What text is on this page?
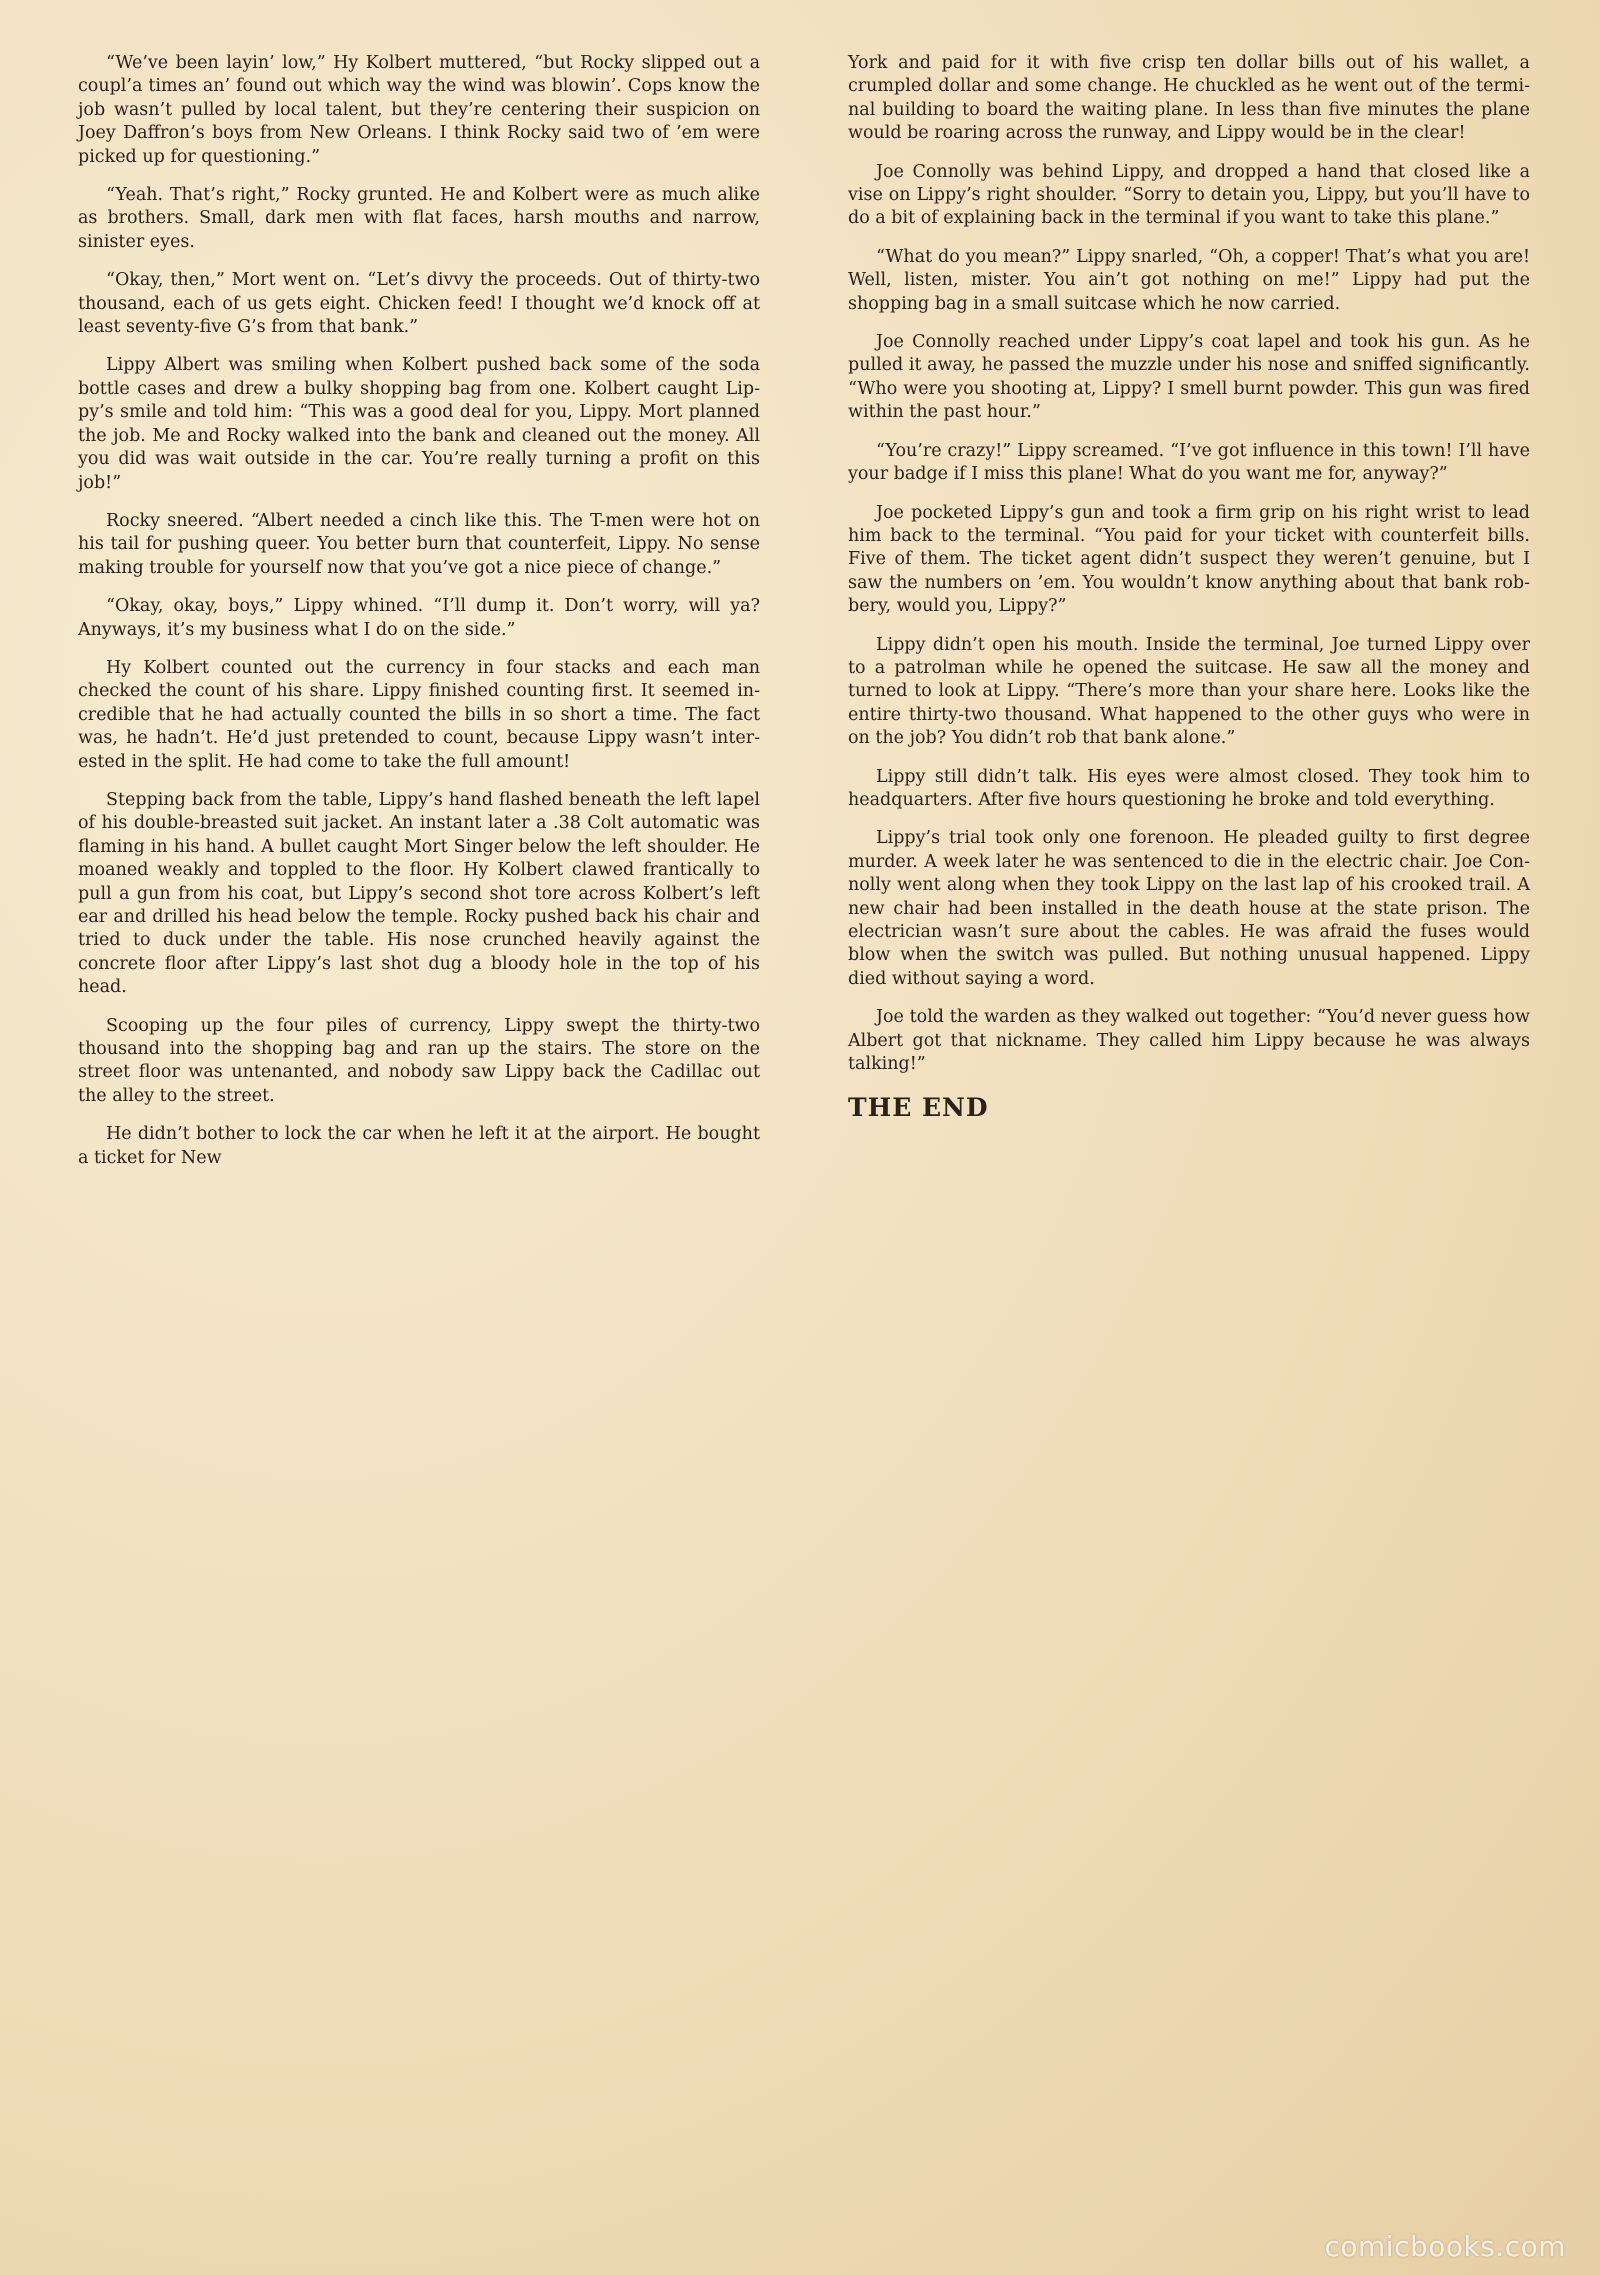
“We’ve been layin’ low,” Hy Kolbert muttered, “but Rocky slipped out a coupl’a times an’ found out which way the wind was blowin’. Cops know the job wasn’t pulled by local talent, but they’re centering their suspicion on Joey Daffron’s boys from New Orleans. I think Rocky said two of ’em were picked up for questioning.”

“Yeah. That’s right,” Rocky grunted. He and Kolbert were as much alike as brothers. Small, dark men with flat faces, harsh mouths and narrow, sinister eyes.

“Okay, then,” Mort went on. “Let’s divvy the proceeds. Out of thirty-two thousand, each of us gets eight. Chicken feed! I thought we’d knock off at least seventy-five G’s from that bank.”

Lippy Albert was smiling when Kolbert pushed back some of the soda bottle cases and drew a bulky shopping bag from one. Kolbert caught Lippy’s smile and told him: “This was a good deal for you, Lippy. Mort planned the job. Me and Rocky walked into the bank and cleaned out the money. All you did was wait outside in the car. You’re really turning a profit on this job!”

Rocky sneered. “Albert needed a cinch like this. The T-men were hot on his tail for pushing queer. You better burn that counterfeit, Lippy. No sense making trouble for yourself now that you’ve got a nice piece of change.”

“Okay, okay, boys,” Lippy whined. “I’ll dump it. Don’t worry, will ya? Anyways, it’s my business what I do on the side.”

Hy Kolbert counted out the currency in four stacks and each man checked the count of his share. Lippy finished counting first. It seemed incredible that he had actually counted the bills in so short a time. The fact was, he hadn’t. He’d just pretended to count, because Lippy wasn’t interested in the split. He had come to take the full amount!

Stepping back from the table, Lippy’s hand flashed beneath the left lapel of his double-breasted suit jacket. An instant later a .38 Colt automatic was flaming in his hand. A bullet caught Mort Singer below the left shoulder. He moaned weakly and toppled to the floor. Hy Kolbert clawed frantically to pull a gun from his coat, but Lippy’s second shot tore across Kolbert’s left ear and drilled his head below the temple. Rocky pushed back his chair and tried to duck under the table. His nose crunched heavily against the concrete floor after Lippy’s last shot dug a bloody hole in the top of his head.

Scooping up the four piles of currency, Lippy swept the thirty-two thousand into the shopping bag and ran up the stairs. The store on the street floor was untenanted, and nobody saw Lippy back the Cadillac out the alley to the street.

He didn’t bother to lock the car when he left it at the airport. He bought a ticket for New

York and paid for it with five crisp ten dollar bills out of his wallet, a crumpled dollar and some change. He chuckled as he went out of the terminal building to board the waiting plane. In less than five minutes the plane would be roaring across the runway, and Lippy would be in the clear!

Joe Connolly was behind Lippy, and dropped a hand that closed like a vise on Lippy’s right shoulder. “Sorry to detain you, Lippy, but you’ll have to do a bit of explaining back in the terminal if you want to take this plane.”

“What do you mean?” Lippy snarled, “Oh, a copper! That’s what you are! Well, listen, mister. You ain’t got nothing on me!” Lippy had put the shopping bag in a small suitcase which he now carried.

Joe Connolly reached under Lippy’s coat lapel and took his gun. As he pulled it away, he passed the muzzle under his nose and sniffed significantly. “Who were you shooting at, Lippy? I smell burnt powder. This gun was fired within the past hour.”

“You’re crazy!” Lippy screamed. “I’ve got influence in this town! I’ll have your badge if I miss this plane! What do you want me for, anyway?”

Joe pocketed Lippy’s gun and took a firm grip on his right wrist to lead him back to the terminal. “You paid for your ticket with counterfeit bills. Five of them. The ticket agent didn’t suspect they weren’t genuine, but I saw the numbers on ’em. You wouldn’t know anything about that bank robbery, would you, Lippy?”

Lippy didn’t open his mouth. Inside the terminal, Joe turned Lippy over to a patrolman while he opened the suitcase. He saw all the money and turned to look at Lippy. “There’s more than your share here. Looks like the entire thirty-two thousand. What happened to the other guys who were in on the job? You didn’t rob that bank alone.”

Lippy still didn’t talk. His eyes were almost closed. They took him to headquarters. After five hours questioning he broke and told everything.

Lippy’s trial took only one forenoon. He pleaded guilty to first degree murder. A week later he was sentenced to die in the electric chair. Joe Connolly went along when they took Lippy on the last lap of his crooked trail. A new chair had been installed in the death house at the state prison. The electrician wasn’t sure about the cables. He was afraid the fuses would blow when the switch was pulled. But nothing unusual happened. Lippy died without saying a word.

Joe told the warden as they walked out together: “You’d never guess how Albert got that nickname. They called him Lippy because he was always talking!”

THE END

comicbooks.com
